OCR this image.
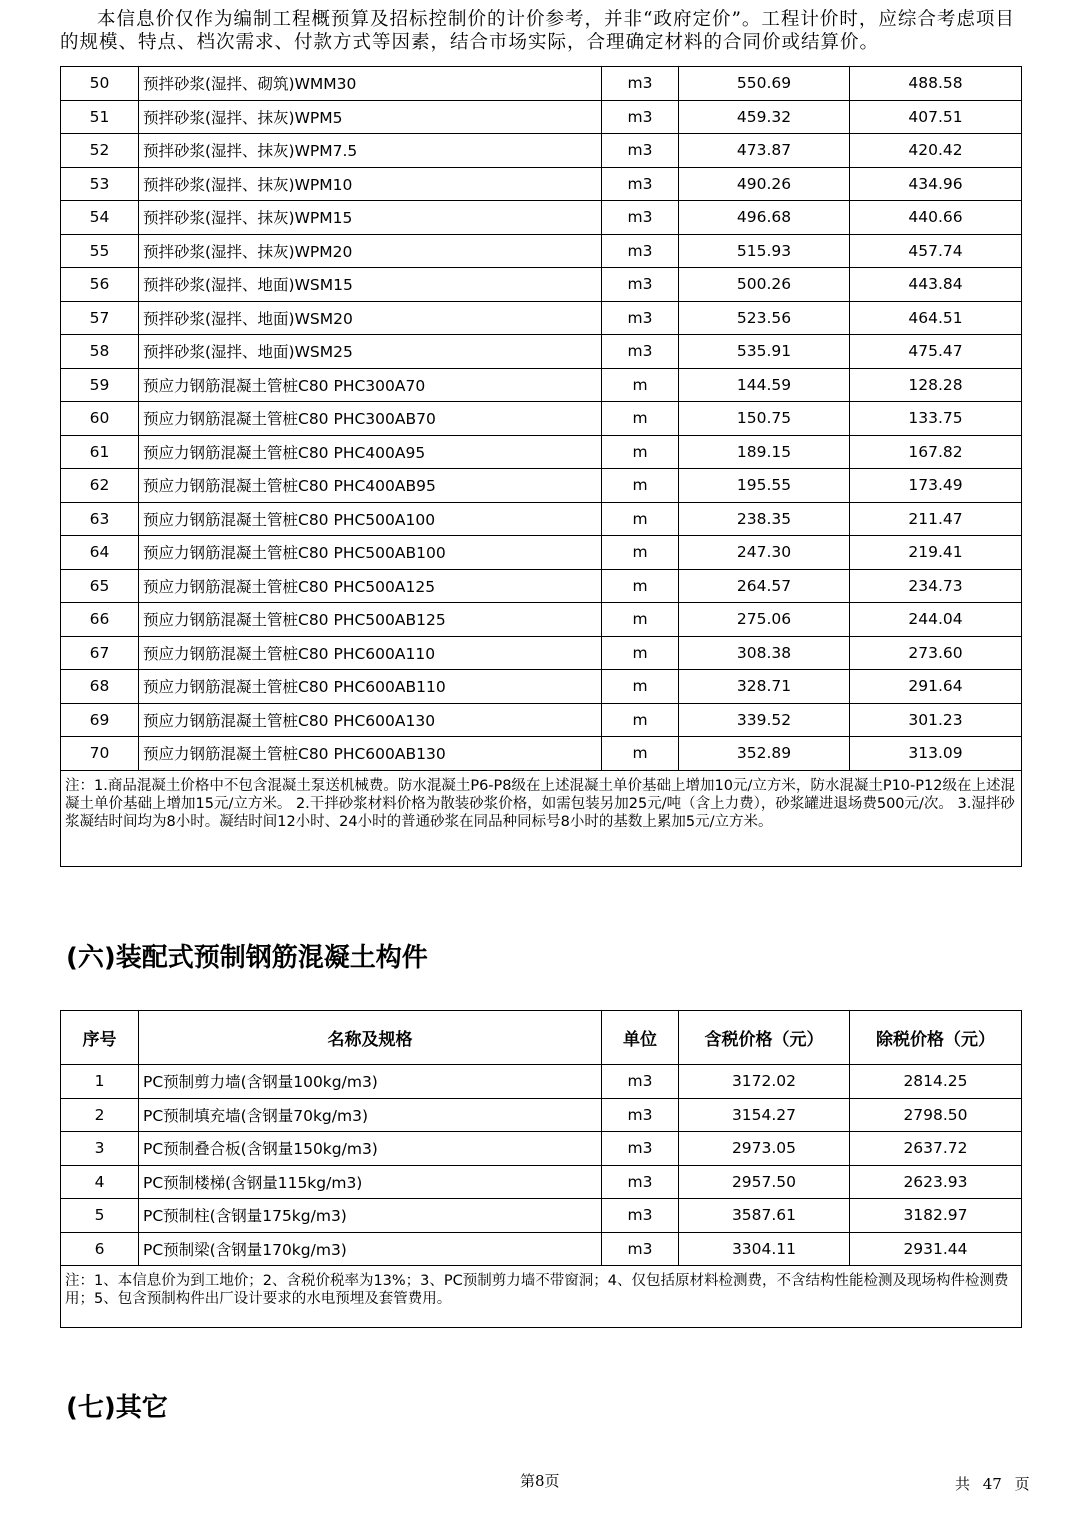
本信息价仅作为编制工程概预算及招标控制价的计价参考，并非“政府定价”。工程计价时，应综合考虑项目的规模、特点、档次需求、付款方式等因素，结合市场实际，合理确定材料的合同价或结算价。

50	预拌砂浆(湿拌、砌筑)WMM30	m3	550.69	488.58
51	预拌砂浆(湿拌、抹灰)WPM5	m3	459.32	407.51
52	预拌砂浆(湿拌、抹灰)WPM7.5	m3	473.87	420.42
53	预拌砂浆(湿拌、抹灰)WPM10	m3	490.26	434.96
54	预拌砂浆(湿拌、抹灰)WPM15	m3	496.68	440.66
55	预拌砂浆(湿拌、抹灰)WPM20	m3	515.93	457.74
56	预拌砂浆(湿拌、地面)WSM15	m3	500.26	443.84
57	预拌砂浆(湿拌、地面)WSM20	m3	523.56	464.51
58	预拌砂浆(湿拌、地面)WSM25	m3	535.91	475.47
59	预应力钢筋混凝土管桩C80 PHC300A70	m	144.59	128.28
60	预应力钢筋混凝土管桩C80 PHC300AB70	m	150.75	133.75
61	预应力钢筋混凝土管桩C80 PHC400A95	m	189.15	167.82
62	预应力钢筋混凝土管桩C80 PHC400AB95	m	195.55	173.49
63	预应力钢筋混凝土管桩C80 PHC500A100	m	238.35	211.47
64	预应力钢筋混凝土管桩C80 PHC500AB100	m	247.30	219.41
65	预应力钢筋混凝土管桩C80 PHC500A125	m	264.57	234.73
66	预应力钢筋混凝土管桩C80 PHC500AB125	m	275.06	244.04
67	预应力钢筋混凝土管桩C80 PHC600A110	m	308.38	273.60
68	预应力钢筋混凝土管桩C80 PHC600AB110	m	328.71	291.64
69	预应力钢筋混凝土管桩C80 PHC600A130	m	339.52	301.23
70	预应力钢筋混凝土管桩C80 PHC600AB130	m	352.89	313.09
注：1.商品混凝土价格中不包含混凝土泵送机械费。防水混凝土P6-P8级在上述混凝土单价基础上增加10元/立方米，防水混凝土P10-P12级在上述混凝土单价基础上增加15元/立方米。 2.干拌砂浆材料价格为散装砂浆价格，如需包装另加25元/吨（含上力费），砂浆罐进退场费500元/次。 3.湿拌砂浆凝结时间均为8小时。凝结时间12小时、24小时的普通砂浆在同品种同标号8小时的基数上累加5元/立方米。				
(六)装配式预制钢筋混凝土构件
序号	名称及规格	单位	含税价格（元）	除税价格（元）
1	PC预制剪力墙(含钢量100kg/m3)	m3	3172.02	2814.25
2	PC预制填充墙(含钢量70kg/m3)	m3	3154.27	2798.50
3	PC预制叠合板(含钢量150kg/m3)	m3	2973.05	2637.72
4	PC预制楼梯(含钢量115kg/m3)	m3	2957.50	2623.93
5	PC预制柱(含钢量175kg/m3)	m3	3587.61	3182.97
6	PC预制梁(含钢量170kg/m3)	m3	3304.11	2931.44
注：1、本信息价为到工地价；2、含税价税率为13%；3、PC预制剪力墙不带窗洞；4、仅包括原材料检测费，不含结构性能检测及现场构件检测费用；5、包含预制构件出厂设计要求的水电预埋及套管费用。				
(七)其它
第8页	共 47 页
